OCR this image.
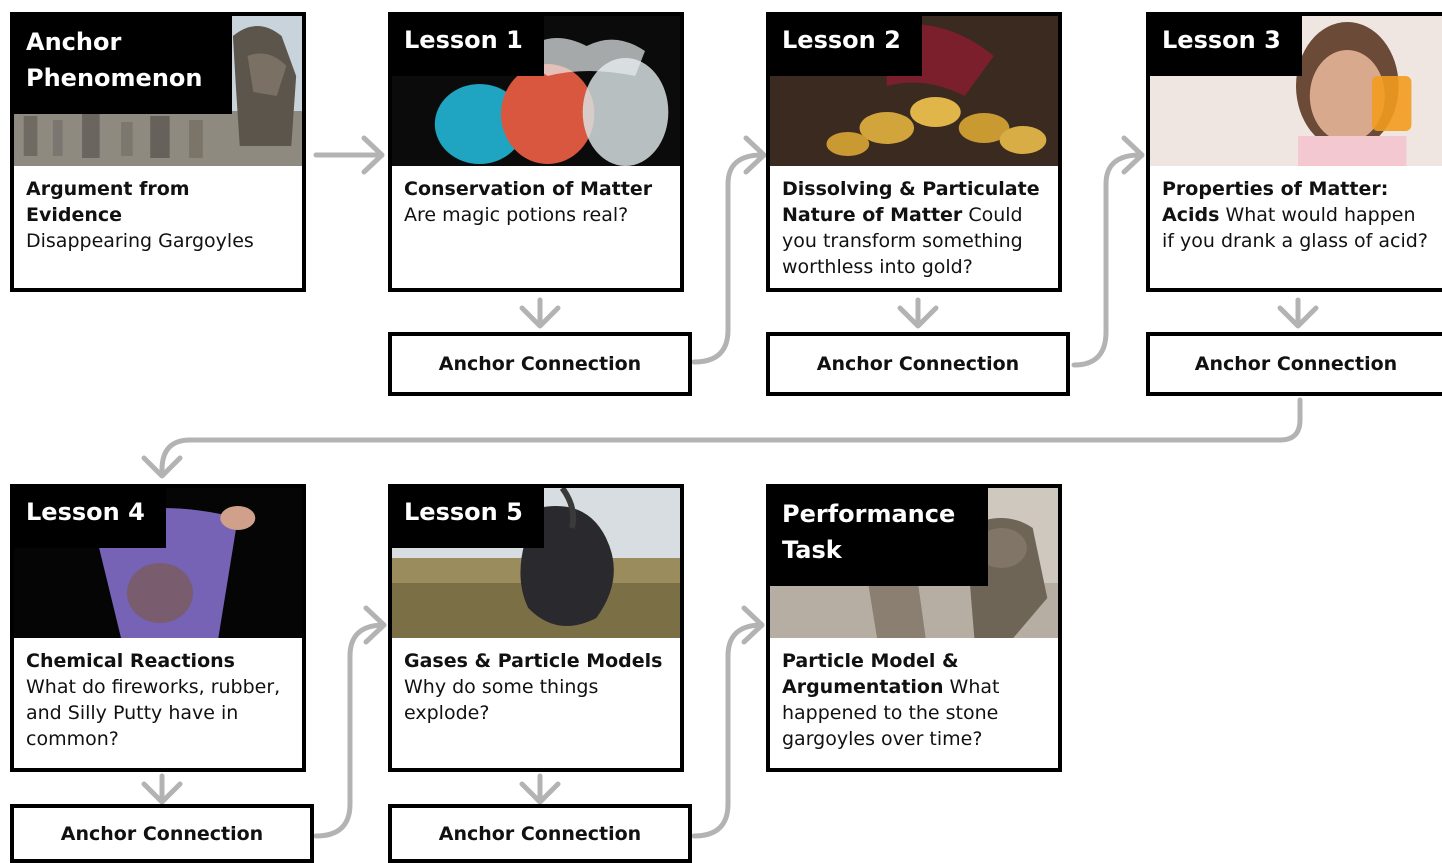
Anchor Phenomenon
Argument from Evidence
Disappearing Gargoyles
Lesson 1
Conservation of Matter
Are magic potions real?
Lesson 2
Dissolving & Particulate Nature of Matter Could you transform something worthless into gold?
Lesson 3
Properties of Matter: Acids What would happen if you drank a glass of acid?
Anchor Connection	Anchor Connection	Anchor Connection
Lesson 4
Chemical Reactions
What do fireworks, rubber, and Silly Putty have in common?
Lesson 5
Gases & Particle Models
Why do some things explode?
Performance Task
Particle Model & Argumentation What happened to the stone gargoyles over time?
Anchor Connection	Anchor Connection
